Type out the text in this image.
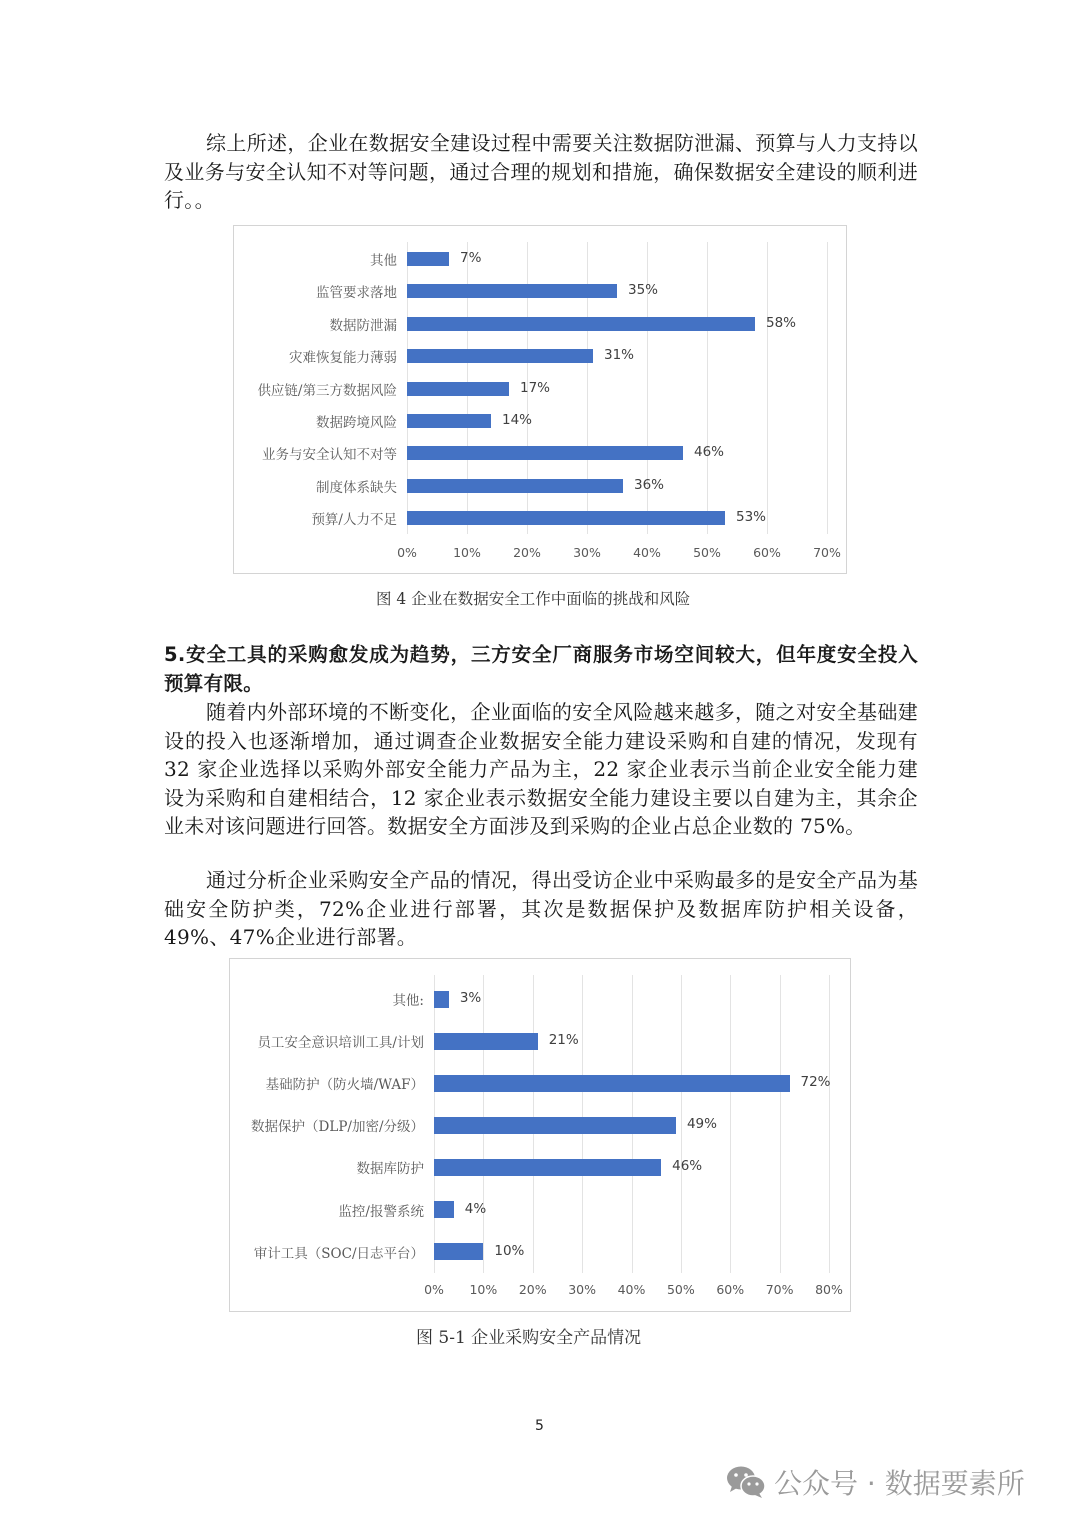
综上所述，企业在数据安全建设过程中需要关注数据防泄漏、预算与人力支持以及业务与安全认知不对等问题，通过合理的规划和措施，确保数据安全建设的顺利进行。。

0%	10%	20%	30%	40%	50%	60%	70%
其他	7%
监管要求落地	35%
数据防泄漏	58%
灾难恢复能力薄弱	31%
供应链/第三方数据风险	17%
数据跨境风险	14%
业务与安全认知不对等	46%
制度体系缺失	36%
预算/人力不足	53%
图 4 企业在数据安全工作中面临的挑战和风险

5.安全工具的采购愈发成为趋势，三方安全厂商服务市场空间较大，但年度安全投入预算有限。

随着内外部环境的不断变化，企业面临的安全风险越来越多，随之对安全基础建设的投入也逐渐增加，通过调查企业数据安全能力建设采购和自建的情况，发现有 32 家企业选择以采购外部安全能力产品为主，22 家企业表示当前企业安全能力建设为采购和自建相结合，12 家企业表示数据安全能力建设主要以自建为主，其余企业未对该问题进行回答。数据安全方面涉及到采购的企业占总企业数的 75%。

通过分析企业采购安全产品的情况，得出受访企业中采购最多的是安全产品为基础安全防护类，72%企业进行部署，其次是数据保护及数据库防护相关设备，49%、47%企业进行部署。

0% 10% 20% 30% 40% 50% 60% 70% 80%
其他:	3%
员工安全意识培训工具/计划	21%
基础防护（防火墙/WAF）	72%
数据保护（DLP/加密/分级）	49%
数据库防护	46%
监控/报警系统	4%
审计工具（SOC/日志平台）	10%
图 5-1 企业采购安全产品情况
5
公众号 · 数据要素所
